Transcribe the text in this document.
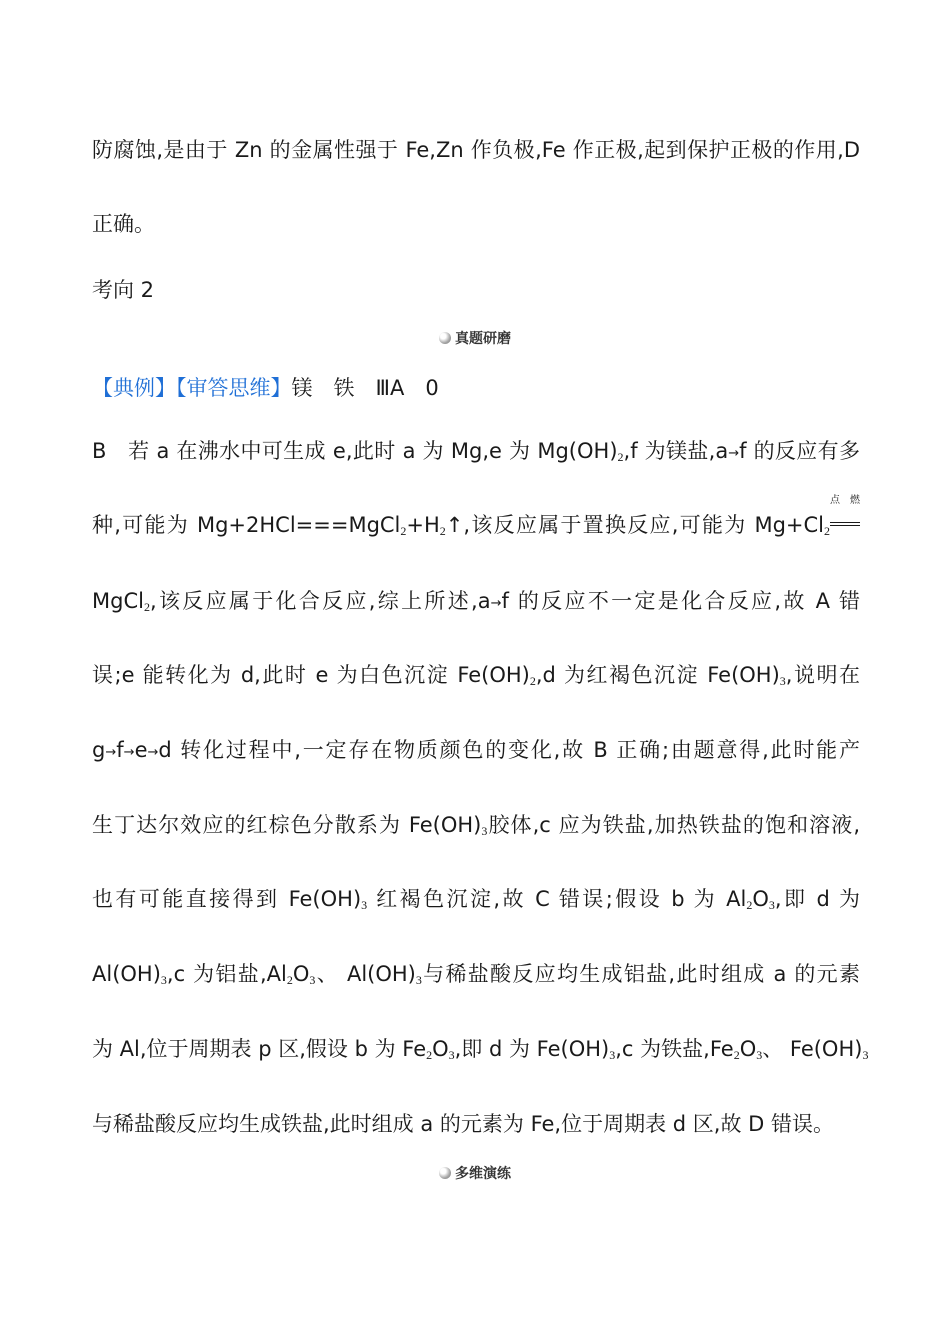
防腐蚀,是由于 Zn 的金属性强于 Fe,Zn 作负极,Fe 作正极,起到保护正极的作用,D
正确。
考向 2
真题研磨
【典例】【审答思维】镁　铁　ⅢA　0
B　若 a 在沸水中可生成 e,此时 a 为 Mg,e 为 $Mg(OH)_2,f$ 为镁盐,a→f 的反应有多
种,可能为 $Mg+2HCl===MgCl_2+H_2↑$,该反应属于置换反应,可能为 $Mg+Cl_2$
点燃
MgCl$_2$,该反应属于化合反应,综上所述,a→f 的反应不一定是化合反应,故 A 错
误;e 能转化为 d,此时 e 为白色沉淀 $Fe(OH)_2,d$ 为红褐色沉淀 $Fe(OH)_3$,说明在
g→f→e→d 转化过程中,一定存在物质颜色的变化,故 B 正确;由题意得,此时能产
生丁达尔效应的红棕色分散系为 $Fe(OH)_3$胶体,c 应为铁盐,加热铁盐的饱和溶液,
也有可能直接得到 $Fe(OH)_3$ 红褐色沉淀,故 C 错误;假设 b 为 $Al_2O_3$,即 d 为
$Al(OH)_3,c$ 为铝盐$,Al_2O_3$、 $Al(OH)_3$与稀盐酸反应均生成铝盐,此时组成 a 的元素
为 Al,位于周期表 p 区,假设 b 为 $Fe_2O_3$,即 d 为 $Fe(OH)_3,c$ 为铁盐$,Fe_2O_3$、 $Fe(OH)_3$
与稀盐酸反应均生成铁盐,此时组成 a 的元素为 Fe,位于周期表 d 区,故 D 错误。
多维演练
